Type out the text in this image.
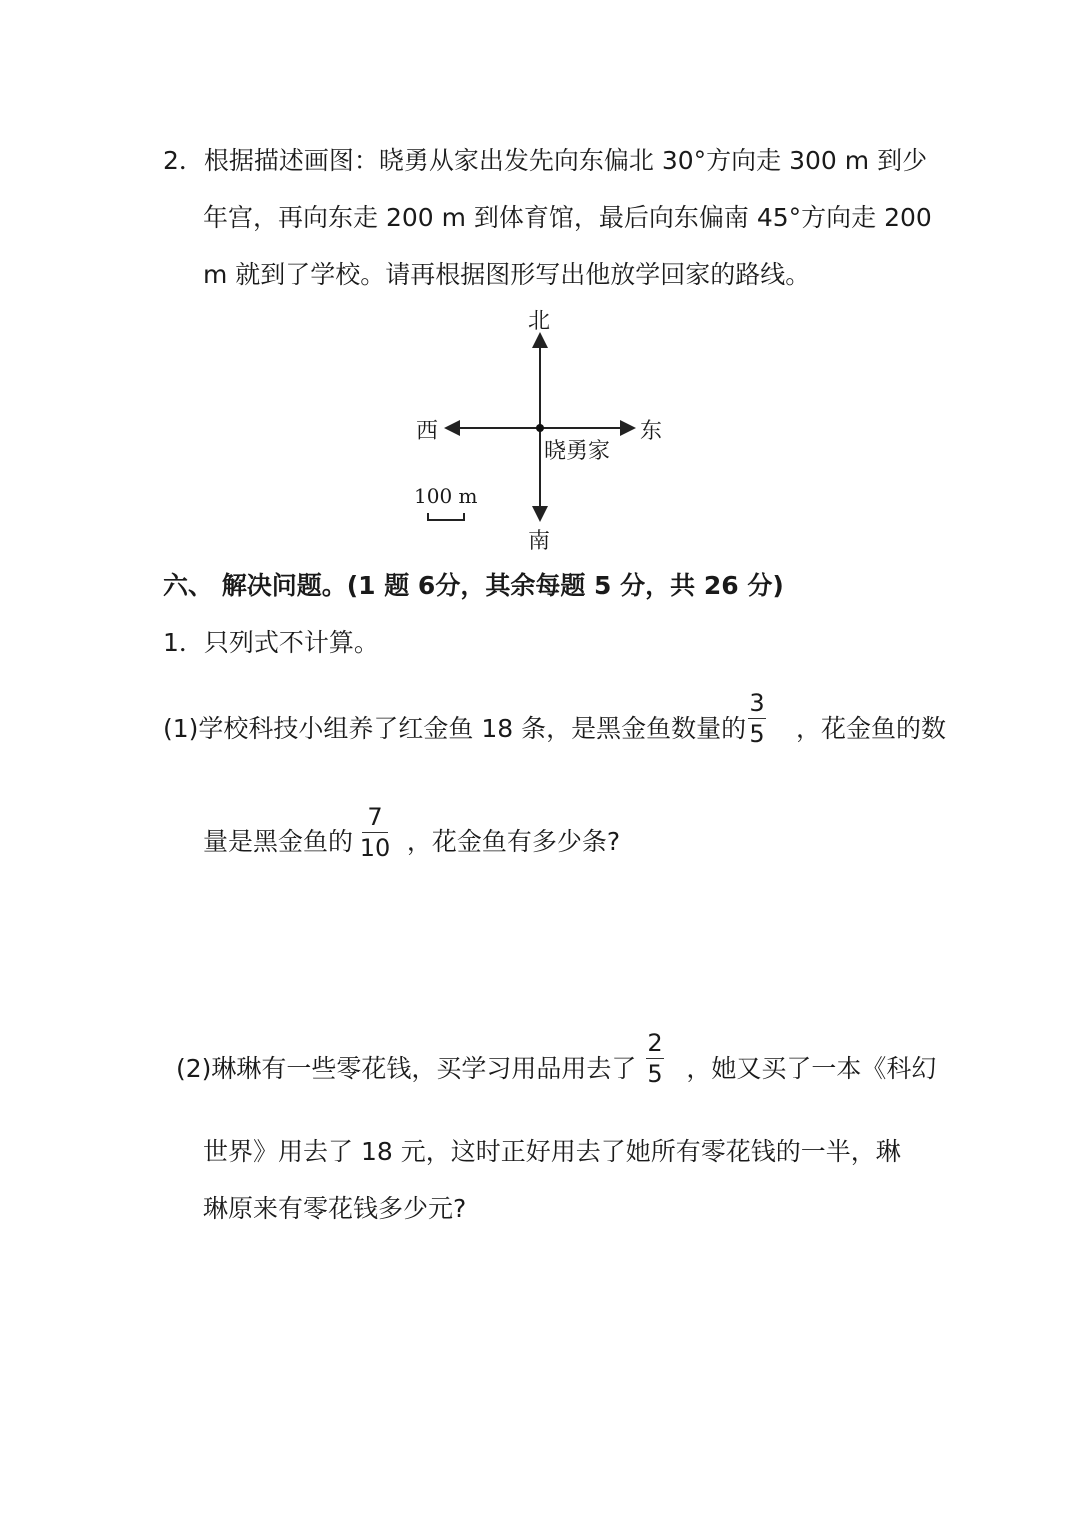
2．根据描述画图：晓勇从家出发先向东偏北 30°方向走 300 m 到少
年宫，再向东走 200 m 到体育馆，最后向东偏南 45°方向走 200
m 就到了学校。请再根据图形写出他放学回家的路线。
北
南
东
西
晓勇家
100 m
六、 解决问题。(1 题 6分，其余每题 5 分，共 26 分)
1．只列式不计算。
(1)学校科技小组养了红金鱼 18 条，是黑金鱼数量的 ，花金鱼的数
3
5
量是黑金鱼的 ，花金鱼有多少条?
7
10
(2)琳琳有一些零花钱，买学习用品用去了 ，她又买了一本《科幻
2
5
世界》用去了 18 元，这时正好用去了她所有零花钱的一半，琳
琳原来有零花钱多少元?
